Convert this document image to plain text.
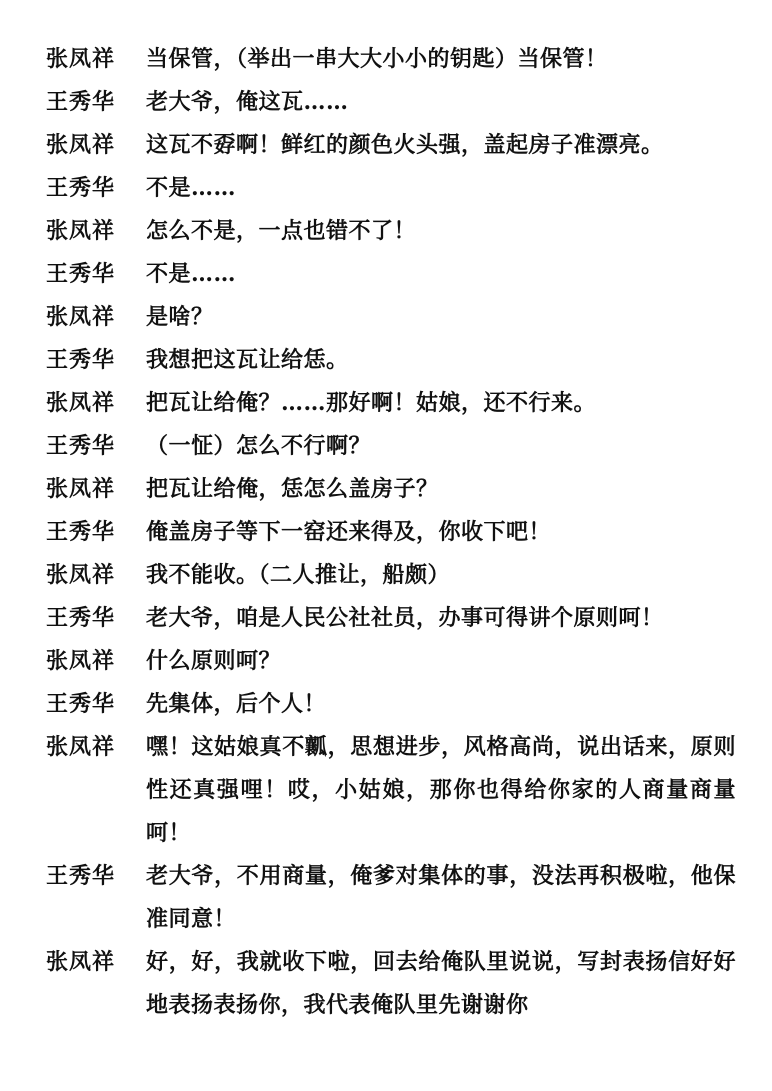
张凤祥	当保管，（举出一串大大小小的钥匙）当保管！
王秀华	老大爷，俺这瓦……
张凤祥	这瓦不孬啊！鲜红的颜色火头强，盖起房子准漂亮。
王秀华	不是……
张凤祥	怎么不是，一点也错不了！
王秀华	不是……
张凤祥	是啥？
王秀华	我想把这瓦让给恁。
张凤祥	把瓦让给俺？……那好啊！姑娘，还不行来。
王秀华	（一怔）怎么不行啊？
张凤祥	把瓦让给俺，恁怎么盖房子？
王秀华	俺盖房子等下一窑还来得及，你收下吧！
张凤祥	我不能收。（二人推让，船颇）
王秀华	老大爷，咱是人民公社社员，办事可得讲个原则呵！
张凤祥	什么原则呵？
王秀华	先集体，后个人！
张凤祥	嘿！这姑娘真不瓤，思想进步，风格高尚，说出话来，原则性还真强哩！哎，小姑娘，那你也得给你家的人商量商量呵！
王秀华	老大爷，不用商量，俺爹对集体的事，没法再积极啦，他保准同意！
张凤祥	好，好，我就收下啦，回去给俺队里说说，写封表扬信好好地表扬表扬你，我代表俺队里先谢谢你
